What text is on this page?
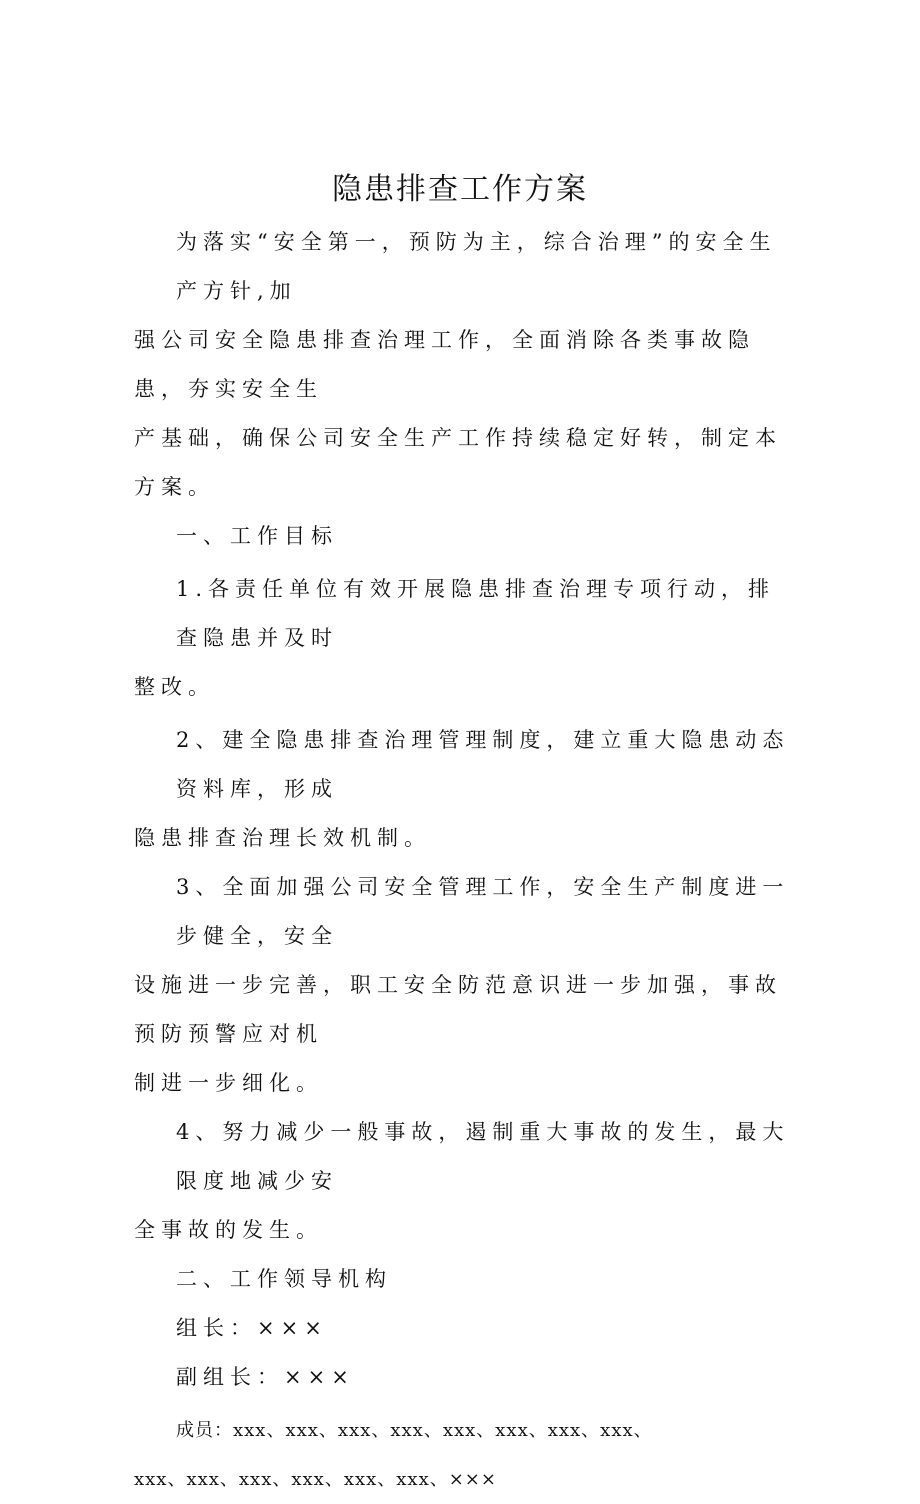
隐患排查工作方案
为落实“安全第一，预防为主，综合治理”的安全生产方针,加
强公司安全隐患排查治理工作，全面消除各类事故隐患，夯实安全生
产基础，确保公司安全生产工作持续稳定好转，制定本方案。
一、工作目标
1.各责任单位有效开展隐患排查治理专项行动，排查隐患并及时
整改。
2、建全隐患排查治理管理制度，建立重大隐患动态资料库，形成
隐患排查治理长效机制。
3、全面加强公司安全管理工作，安全生产制度进一步健全，安全
设施进一步完善，职工安全防范意识进一步加强，事故预防预警应对机
制进一步细化。
4、努力减少一般事故，遏制重大事故的发生，最大限度地减少安
全事故的发生。
二、工作领导机构
组长：×××
副组长：×××
成员：xxx、xxx、xxx、xxx、xxx、xxx、xxx、xxx、
xxx、xxx、xxx、xxx、xxx、xxx、×××
